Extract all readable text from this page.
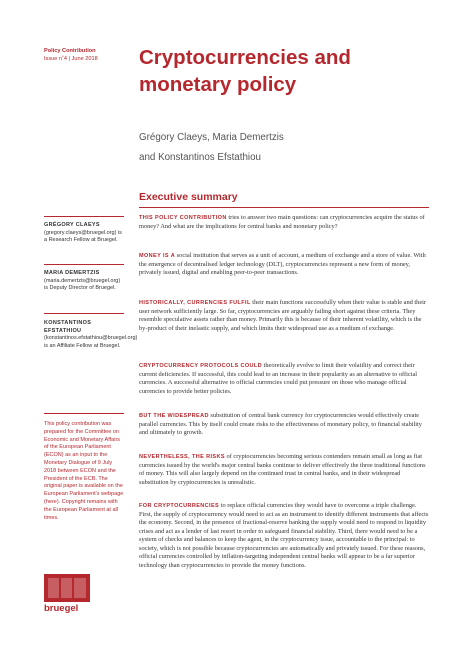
Policy Contribution
Issue n˚4 | June 2018	Cryptocurrencies and monetary policy
Grégory Claeys, Maria Demertzis
and Konstantinos Efstathiou
Executive summary
GRÉGORY CLAEYS (gregory.claeys@bruegel.org) is a Research Fellow at Bruegel.
MARIA DEMERTZIS (maria.demertzis@bruegel.org) is Deputy Director of Bruegel.
KONSTANTINOS EFSTATHIOU (konstantinos.efstathiou@bruegel.org) is an Affiliate Fellow at Bruegel.
This policy contribution was prepared for the Committee on Economic and Monetary Affairs of the European Parliament (ECON) as an input to the Monetary Dialogue of 9 July 2018 between ECON and the President of the ECB. The original paper is available on the European Parliament's webpage (here). Copyright remains with the European Parliament at all times.

THIS POLICY CONTRIBUTION tries to answer two main questions: can cryptocurrencies acquire the status of money? And what are the implications for central banks and monetary policy?

MONEY IS A social institution that serves as a unit of account, a medium of exchange and a store of value. With the emergence of decentralised ledger technology (DLT), cryptocurrencies represent a new form of money, privately issued, digital and enabling peer-to-peer transactions.

HISTORICALLY, CURRENCIES FULFIL their main functions successfully when their value is stable and their user network sufficiently large. So far, cryptocurrencies are arguably failing short against these criteria. They resemble speculative assets rather than money. Primarily this is because of their inherent volatility, which is the by-product of their inelastic supply, and which limits their widespread use as a medium of exchange.

CRYPTOCURRENCY PROTOCOLS COULD theoretically evolve to limit their volatility and correct their current deficiencies. If successful, this could lead to an increase in their popularity as an alternative to official currencies. A successful alternative to official currencies could put pressure on those who manage official currencies to provide better policies.

BUT THE WIDESPREAD substitution of central bank currency for cryptocurrencies would effectively create parallel currencies. This by itself could create risks to the effectiveness of monetary policy, to financial stability and ultimately to growth.

NEVERTHELESS, THE RISKS of cryptocurrencies becoming serious contenders remain small as long as fiat currencies issued by the world's major central banks continue to deliver effectively the three traditional functions of money. This will also largely depend on the continued trust in central banks, and in their widespread substitution by cryptocurrencies is unrealistic.

FOR CRYPTOCURRENCIES to replace official currencies they would have to overcome a triple challenge. First, the supply of cryptocurrency would need to act as an instrument to identify different instruments that affects the economy. Second, in the presence of fractional-reserve banking the supply would need to respond to liquidity crises and act as a lender of last resort in order to safeguard financial stability. Third, there would need to be a system of checks and balances to keep the agent, in the cryptocurrency issue, accountable to the principal: to society, which is not possible because cryptocurrencies are automatically and privately issued. For these reasons, official currencies controlled by inflation-targeting independent central banks will appear to be a far superior technology than cryptocurrencies to provide the money functions.

bruegel
